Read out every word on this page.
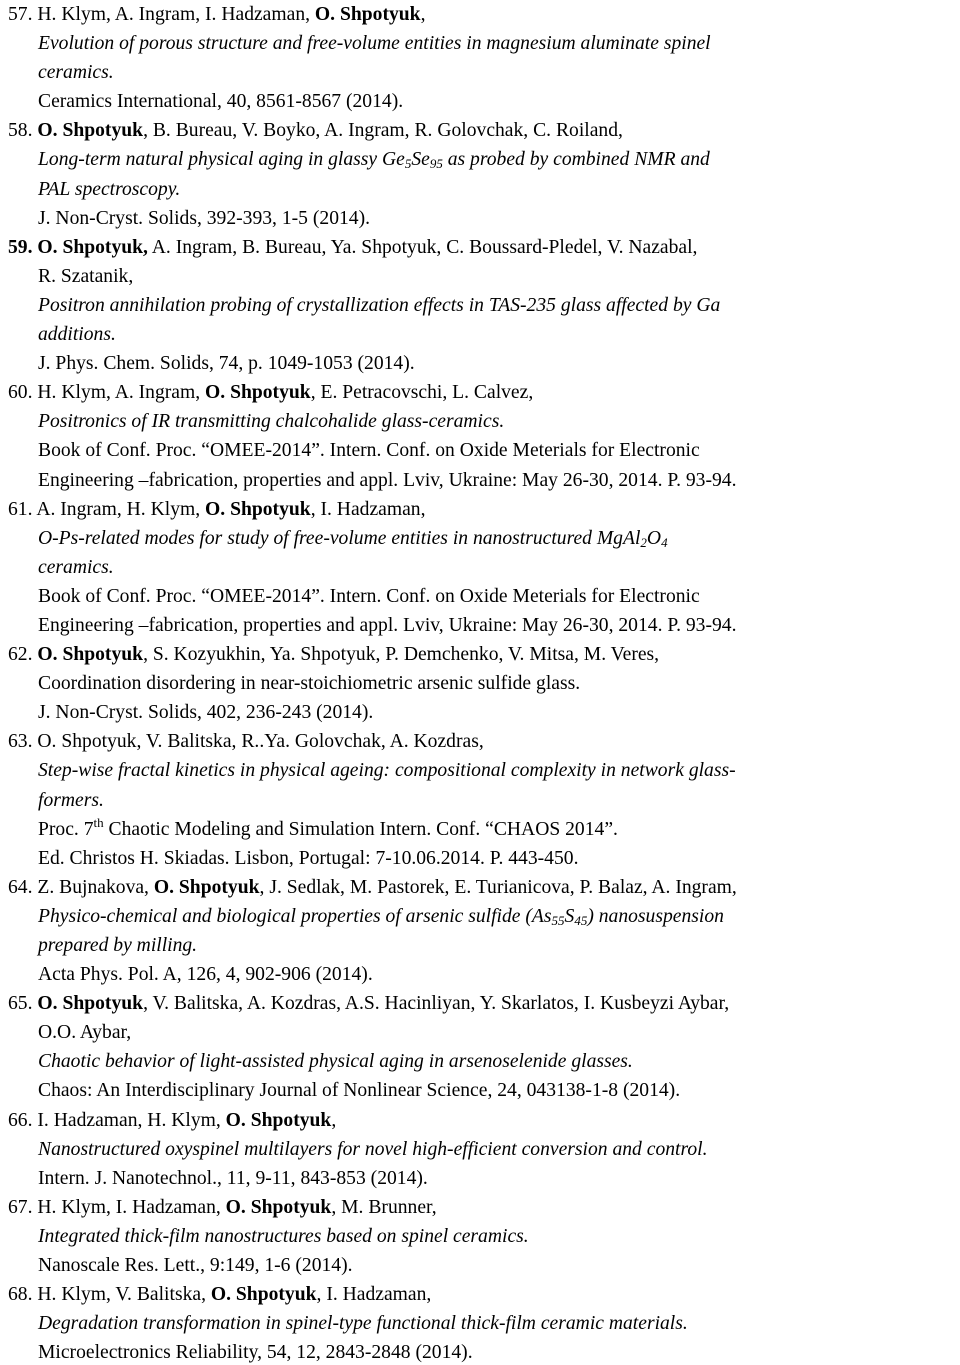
57. H. Klym, A. Ingram, I. Hadzaman, O. Shpotyuk,
Evolution of porous structure and free-volume entities in magnesium aluminate spinel
ceramics.
Ceramics International, 40, 8561-8567 (2014).
58. O. Shpotyuk, B. Bureau, V. Boyko, A. Ingram, R. Golovchak, C. Roiland,
Long-term natural physical aging in glassy $Ge_5Se_{95}$ as probed by combined NMR and
PAL spectroscopy.
J. Non-Cryst. Solids, 392-393, 1-5 (2014).
59. O. Shpotyuk, A. Ingram, B. Bureau, Ya. Shpotyuk, C. Boussard-Pledel, V. Nazabal,
R. Szatanik,
Positron annihilation probing of crystallization effects in TAS-235 glass affected by Ga
additions.
J. Phys. Chem. Solids, 74, p. 1049-1053 (2014).
60. H. Klym, A. Ingram, O. Shpotyuk, E. Petracovschi, L. Calvez,
Positronics of IR transmitting chalcohalide glass-ceramics.
Book of Conf. Proc. “OMEE-2014”. Intern. Conf. on Oxide Meterials for Electronic
Engineering –fabrication, properties and appl. Lviv, Ukraine: May 26-30, 2014. P. 93-94.
61. A. Ingram, H. Klym, O. Shpotyuk, I. Hadzaman,
O-Ps-related modes for study of free-volume entities in nanostructured $MgAl_2O_4$
ceramics.
Book of Conf. Proc. “OMEE-2014”. Intern. Conf. on Oxide Meterials for Electronic
Engineering –fabrication, properties and appl. Lviv, Ukraine: May 26-30, 2014. P. 93-94.
62. O. Shpotyuk, S. Kozyukhin, Ya. Shpotyuk, P. Demchenko, V. Mitsa, M. Veres,
Coordination disordering in near-stoichiometric arsenic sulfide glass.
J. Non-Cryst. Solids, 402, 236-243 (2014).
63. O. Shpotyuk, V. Balitska, R..Ya. Golovchak, A. Kozdras,
Step-wise fractal kinetics in physical ageing: compositional complexity in network glass-
formers.
Proc. 7th Chaotic Modeling and Simulation Intern. Conf. “CHAOS 2014”.
Ed. Christos H. Skiadas. Lisbon, Portugal: 7-10.06.2014. P. 443-450.
64. Z. Bujnakova, O. Shpotyuk, J. Sedlak, M. Pastorek, E. Turianicova, P. Balaz, A. Ingram,
Physico-chemical and biological properties of arsenic sulfide $(As_{55}S_{45})$ nanosuspension
prepared by milling.
Acta Phys. Pol. A, 126, 4, 902-906 (2014).
65. O. Shpotyuk, V. Balitska, A. Kozdras, A.S. Hacinliyan, Y. Skarlatos, I. Kusbeyzi Aybar,
O.O. Aybar,
Chaotic behavior of light-assisted physical aging in arsenoselenide glasses.
Chaos: An Interdisciplinary Journal of Nonlinear Science, 24, 043138-1-8 (2014).
66. I. Hadzaman, H. Klym, O. Shpotyuk,
Nanostructured oxyspinel multilayers for novel high-efficient conversion and control.
Intern. J. Nanotechnol., 11, 9-11, 843-853 (2014).
67. H. Klym, I. Hadzaman, O. Shpotyuk, M. Brunner,
Integrated thick-film nanostructures based on spinel ceramics.
Nanoscale Res. Lett., 9:149, 1-6 (2014).
68. H. Klym, V. Balitska, O. Shpotyuk, I. Hadzaman,
Degradation transformation in spinel-type functional thick-film ceramic materials.
Microelectronics Reliability, 54, 12, 2843-2848 (2014).
